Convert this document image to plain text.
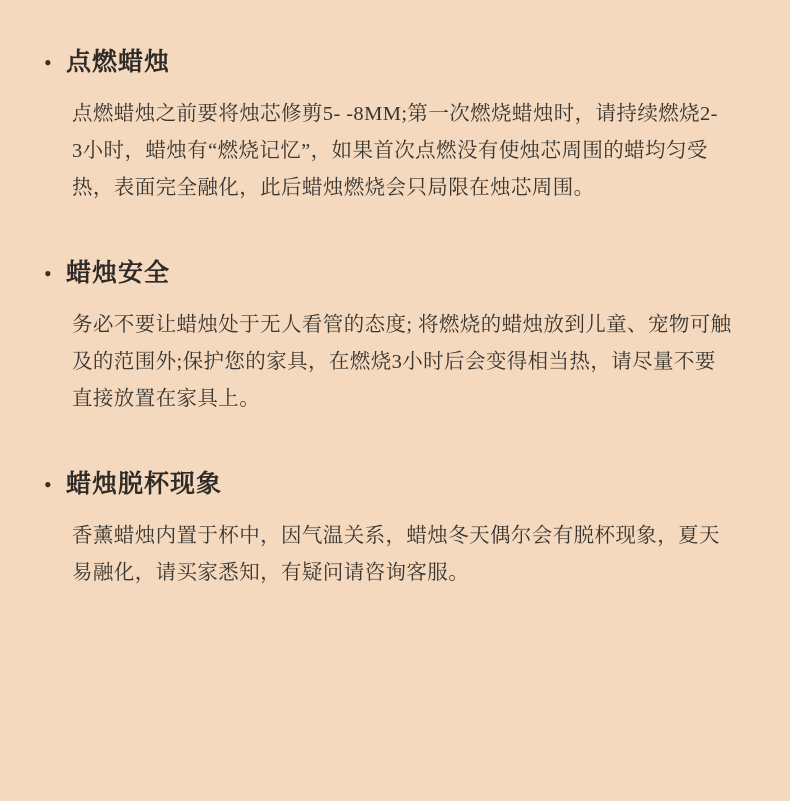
• 点燃蜡烛
点燃蜡烛之前要将烛芯修剪5- -8MM;第一次燃烧蜡烛时，请持续燃烧2- 3小时，蜡烛有“燃烧记忆”，如果首次点燃没有使烛芯周围的蜡均匀受热，表面完全融化，此后蜡烛燃烧会只局限在烛芯周围。
• 蜡烛安全
务必不要让蜡烛处于无人看管的态度; 将燃烧的蜡烛放到儿童、宠物可触及的范围外;保护您的家具，在燃烧3小时后会变得相当热，请尽量不要直接放置在家具上。
• 蜡烛脱杯现象
香薰蜡烛内置于杯中，因气温关系，蜡烛冬天偶尔会有脱杯现象，夏天易融化，请买家悉知，有疑问请咨询客服。
